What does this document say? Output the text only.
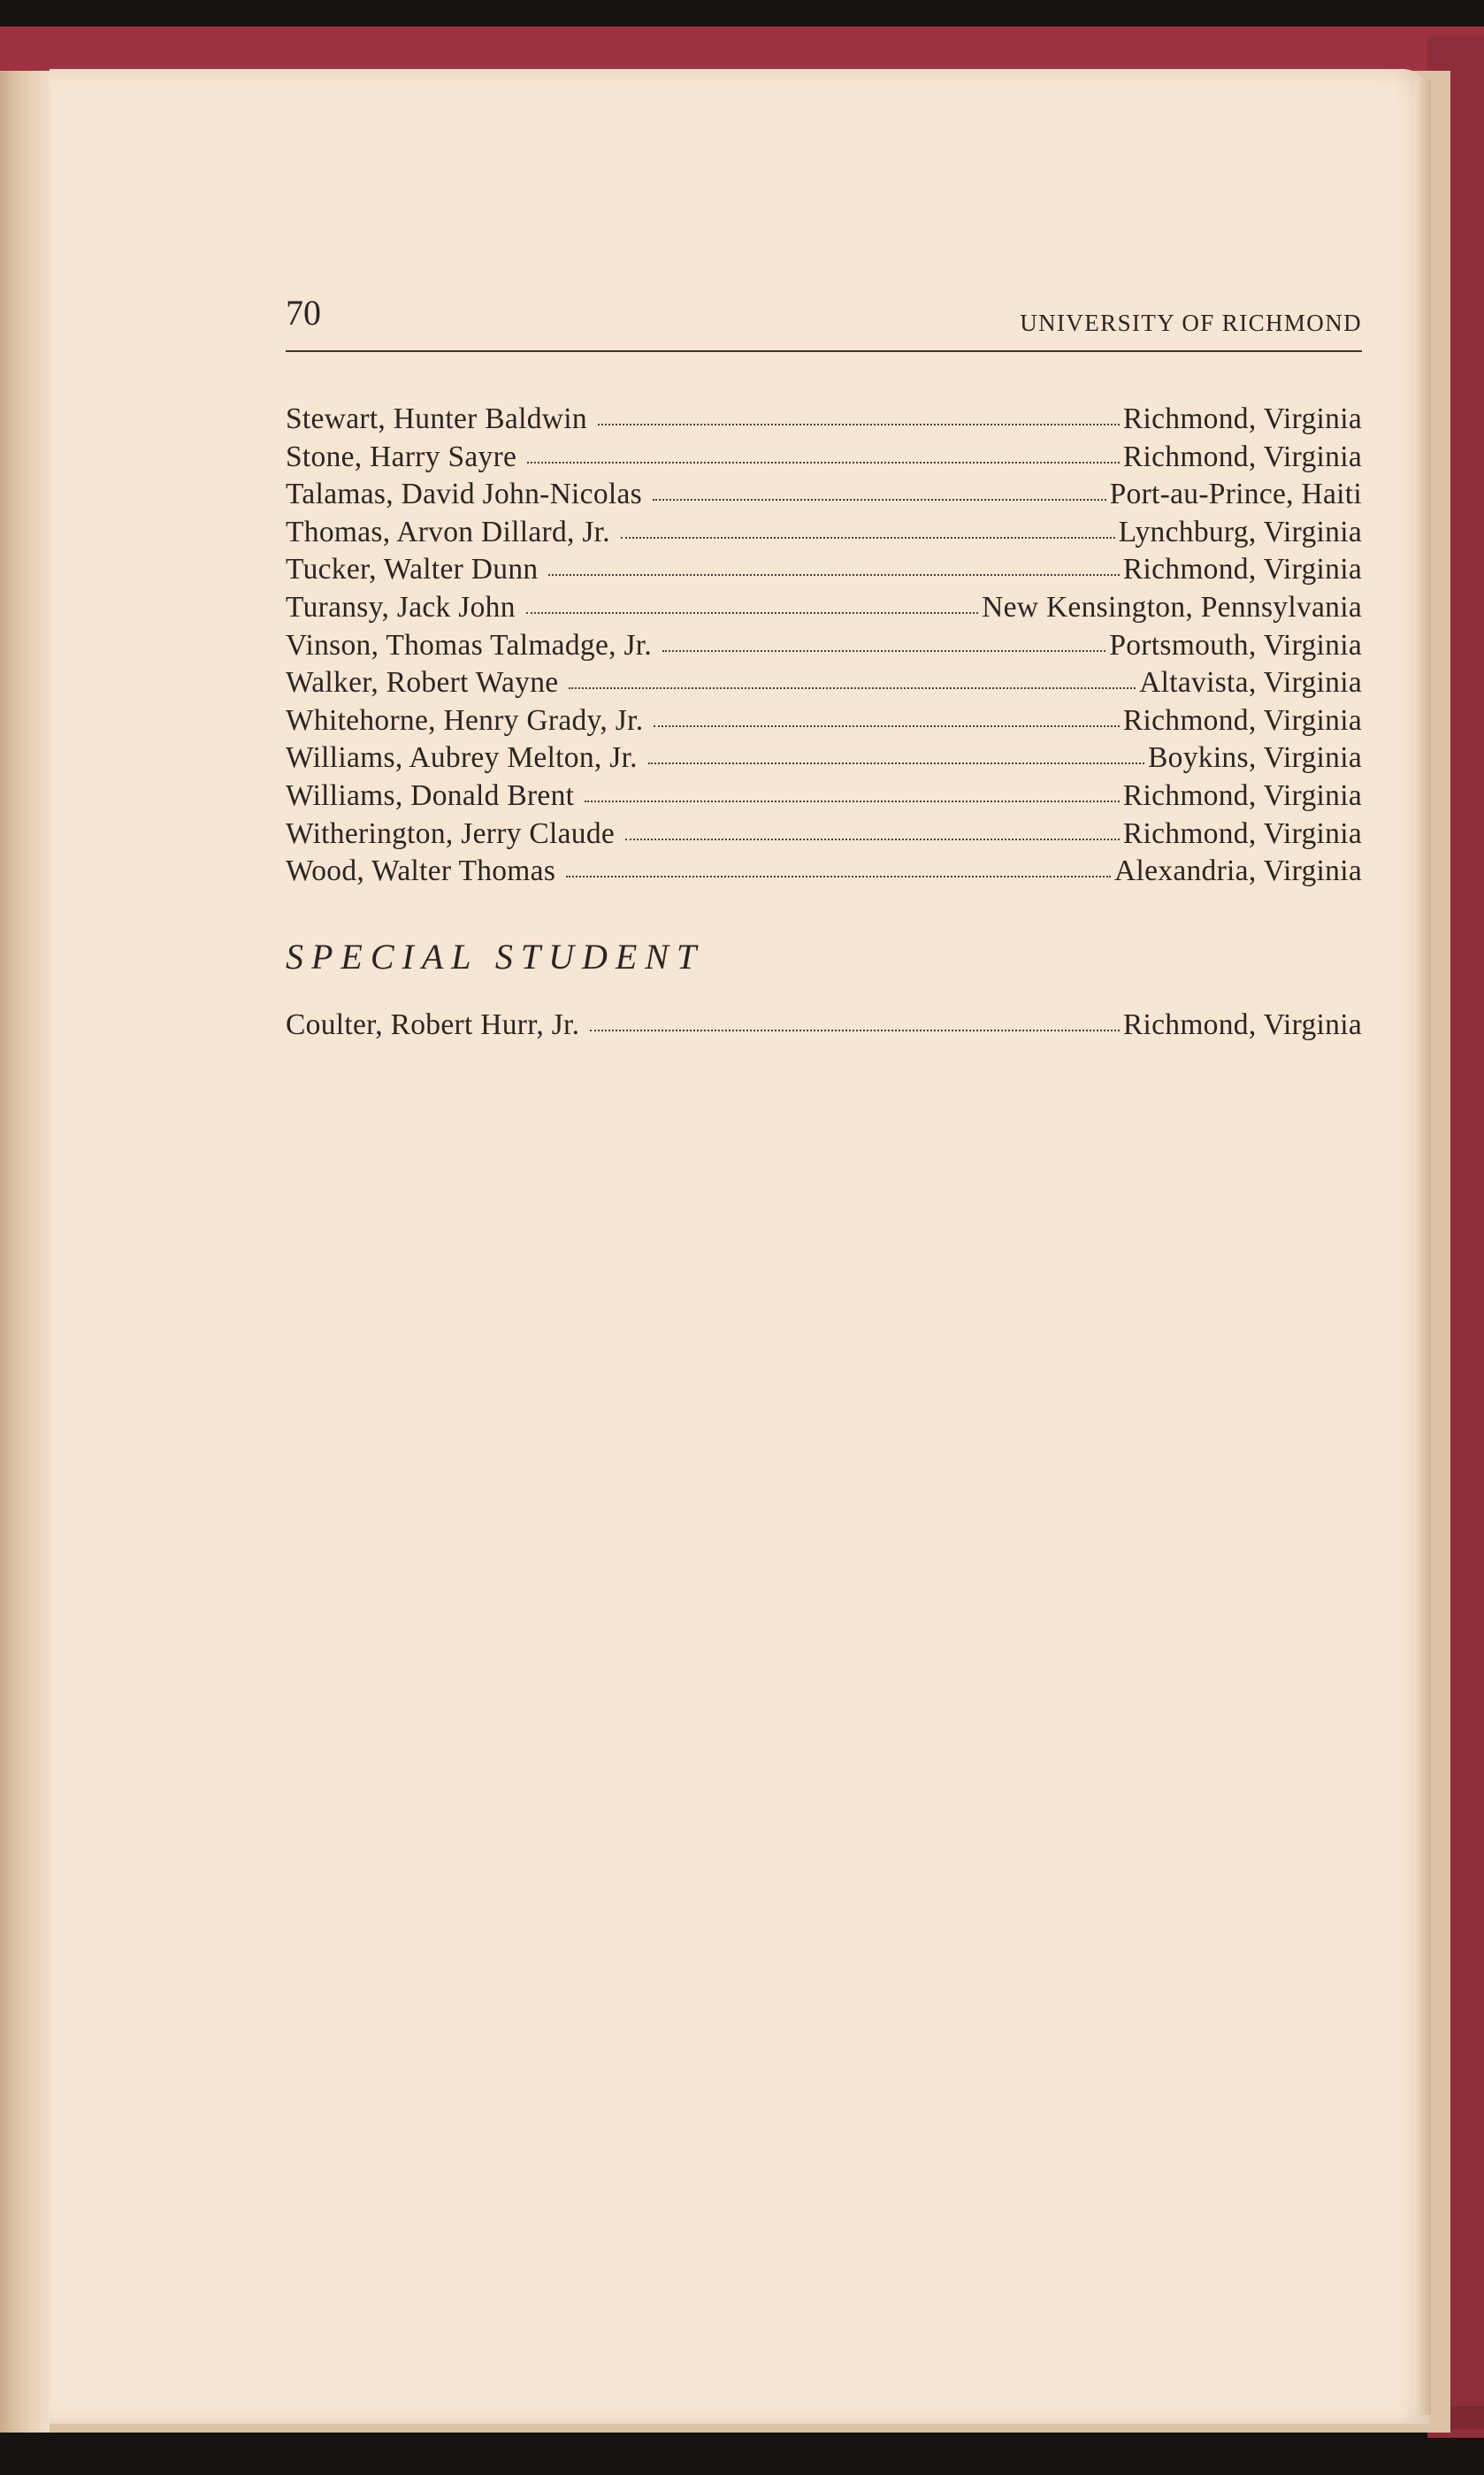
70	UNIVERSITY OF RICHMOND
Stewart, Hunter Baldwin	Richmond, Virginia
Stone, Harry Sayre	Richmond, Virginia
Talamas, David John-Nicolas	Port-au-Prince, Haiti
Thomas, Arvon Dillard, Jr.	Lynchburg, Virginia
Tucker, Walter Dunn	Richmond, Virginia
Turansy, Jack John	New Kensington, Pennsylvania
Vinson, Thomas Talmadge, Jr.	Portsmouth, Virginia
Walker, Robert Wayne	Altavista, Virginia
Whitehorne, Henry Grady, Jr.	Richmond, Virginia
Williams, Aubrey Melton, Jr.	Boykins, Virginia
Williams, Donald Brent	Richmond, Virginia
Witherington, Jerry Claude	Richmond, Virginia
Wood, Walter Thomas	Alexandria, Virginia
SPECIAL STUDENT
Coulter, Robert Hurr, Jr.	Richmond, Virginia
